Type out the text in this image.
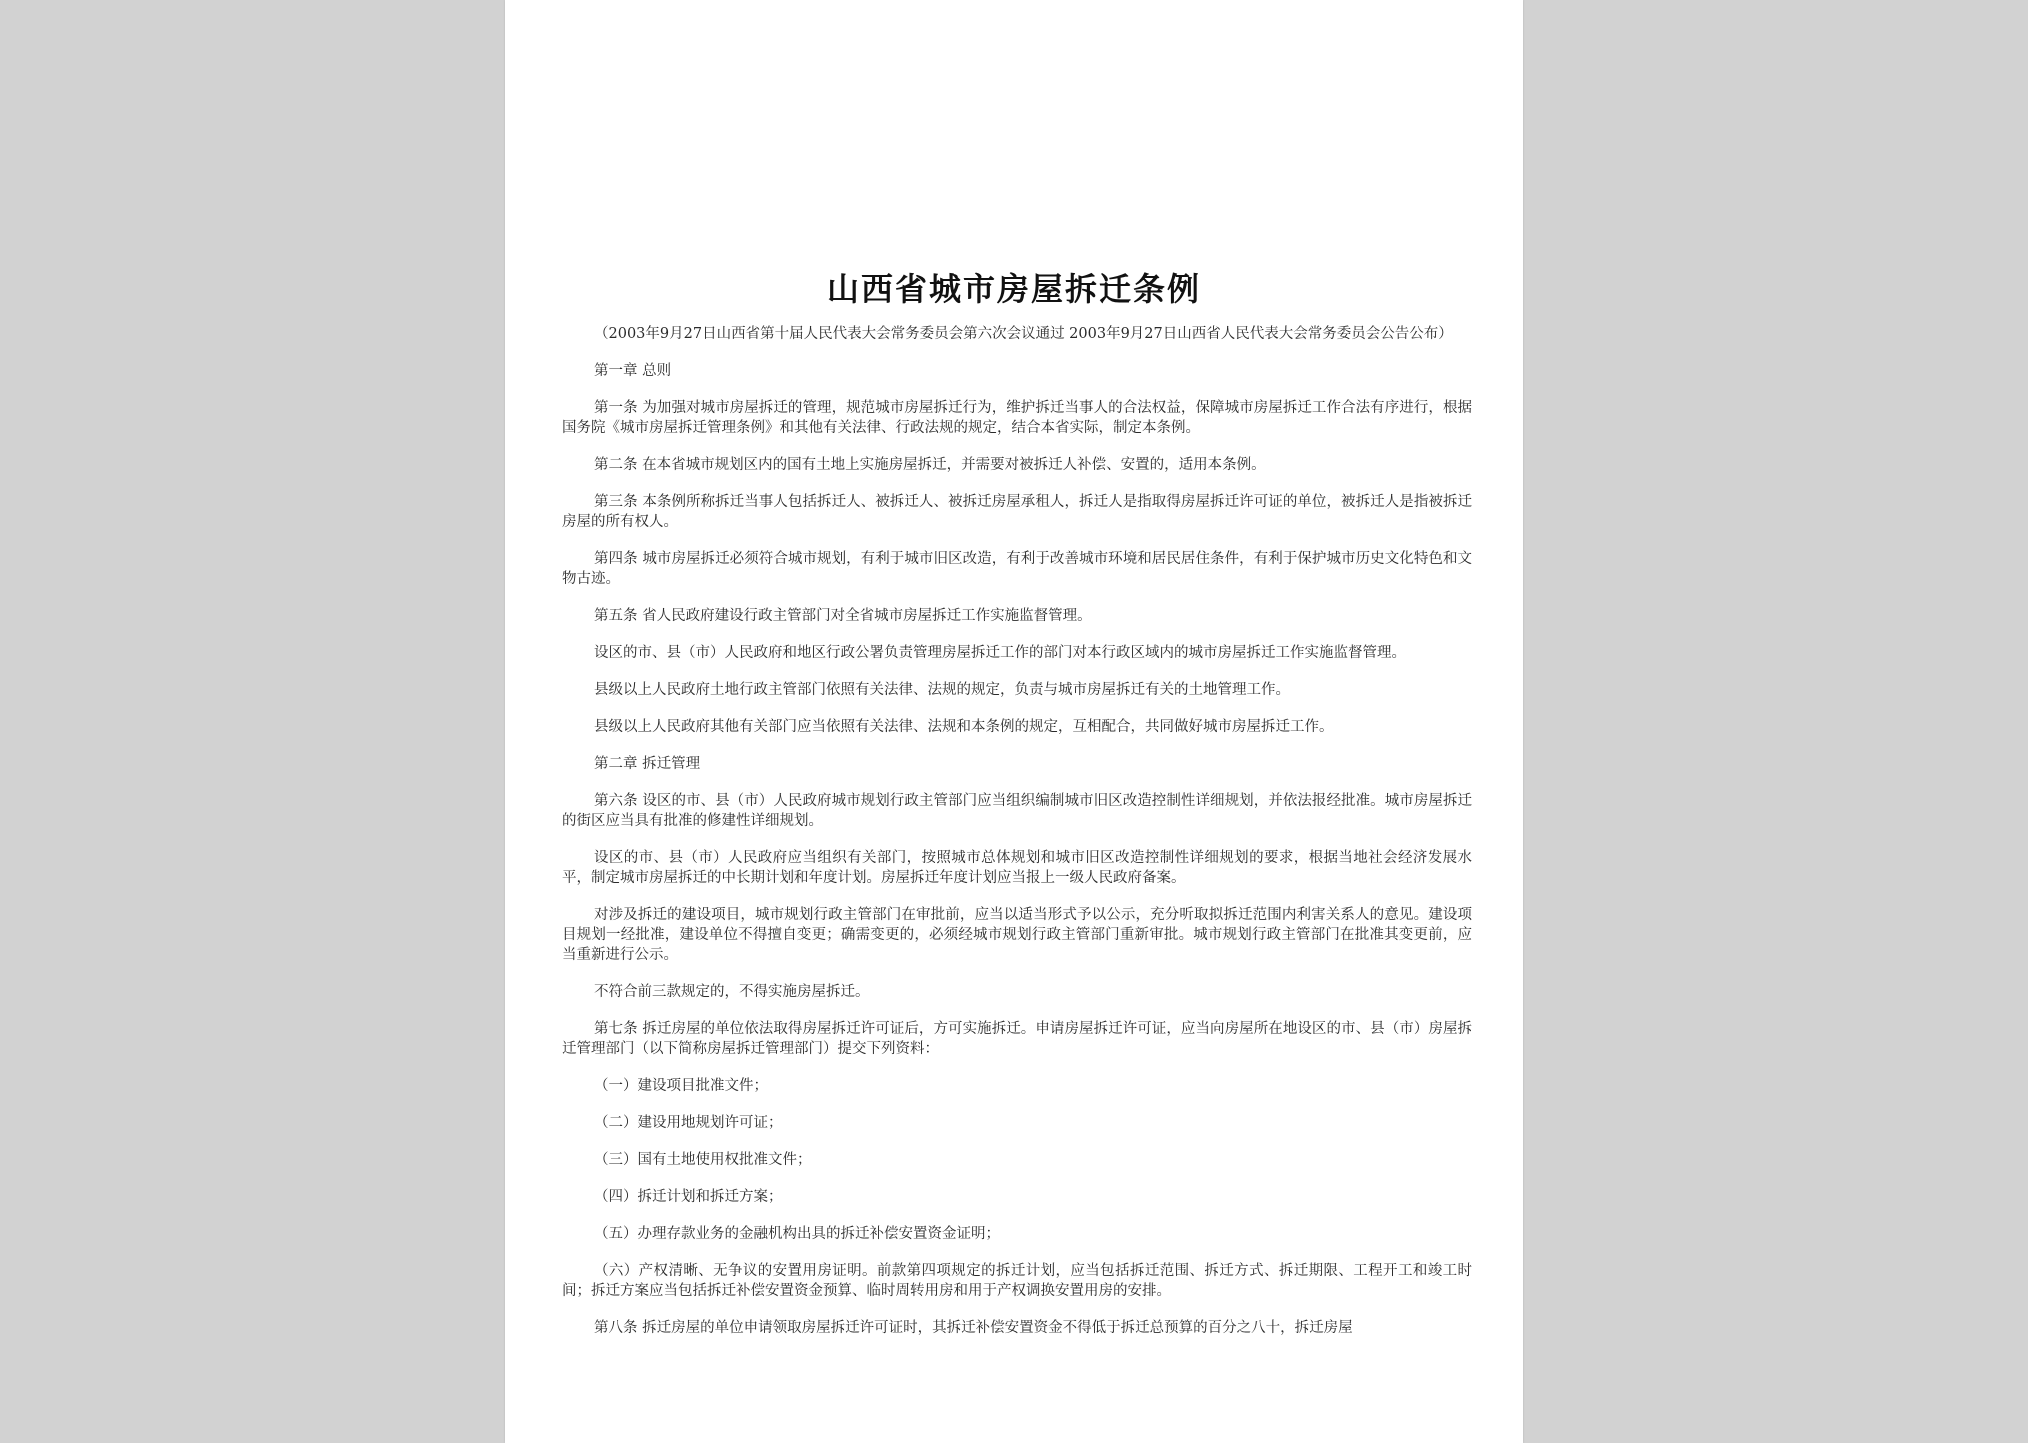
山西省城市房屋拆迁条例

（2003年9月27日山西省第十届人民代表大会常务委员会第六次会议通过 2003年9月27日山西省人民代表大会常务委员会公告公布）

第一章 总则

第一条 为加强对城市房屋拆迁的管理，规范城市房屋拆迁行为，维护拆迁当事人的合法权益，保障城市房屋拆迁工作合法有序进行，根据国务院《城市房屋拆迁管理条例》和其他有关法律、行政法规的规定，结合本省实际，制定本条例。

第二条 在本省城市规划区内的国有土地上实施房屋拆迁，并需要对被拆迁人补偿、安置的，适用本条例。

第三条 本条例所称拆迁当事人包括拆迁人、被拆迁人、被拆迁房屋承租人，拆迁人是指取得房屋拆迁许可证的单位，被拆迁人是指被拆迁房屋的所有权人。

第四条 城市房屋拆迁必须符合城市规划，有利于城市旧区改造，有利于改善城市环境和居民居住条件，有利于保护城市历史文化特色和文物古迹。

第五条 省人民政府建设行政主管部门对全省城市房屋拆迁工作实施监督管理。

设区的市、县（市）人民政府和地区行政公署负责管理房屋拆迁工作的部门对本行政区域内的城市房屋拆迁工作实施监督管理。

县级以上人民政府土地行政主管部门依照有关法律、法规的规定，负责与城市房屋拆迁有关的土地管理工作。

县级以上人民政府其他有关部门应当依照有关法律、法规和本条例的规定，互相配合，共同做好城市房屋拆迁工作。

第二章 拆迁管理

第六条 设区的市、县（市）人民政府城市规划行政主管部门应当组织编制城市旧区改造控制性详细规划，并依法报经批准。城市房屋拆迁的街区应当具有批准的修建性详细规划。

设区的市、县（市）人民政府应当组织有关部门，按照城市总体规划和城市旧区改造控制性详细规划的要求，根据当地社会经济发展水平，制定城市房屋拆迁的中长期计划和年度计划。房屋拆迁年度计划应当报上一级人民政府备案。

对涉及拆迁的建设项目，城市规划行政主管部门在审批前，应当以适当形式予以公示，充分听取拟拆迁范围内利害关系人的意见。建设项目规划一经批准，建设单位不得擅自变更；确需变更的，必须经城市规划行政主管部门重新审批。城市规划行政主管部门在批准其变更前，应当重新进行公示。

不符合前三款规定的，不得实施房屋拆迁。

第七条 拆迁房屋的单位依法取得房屋拆迁许可证后，方可实施拆迁。申请房屋拆迁许可证，应当向房屋所在地设区的市、县（市）房屋拆迁管理部门（以下简称房屋拆迁管理部门）提交下列资料：

（一）建设项目批准文件；

（二）建设用地规划许可证；

（三）国有土地使用权批准文件；

（四）拆迁计划和拆迁方案；

（五）办理存款业务的金融机构出具的拆迁补偿安置资金证明；

（六）产权清晰、无争议的安置用房证明。前款第四项规定的拆迁计划，应当包括拆迁范围、拆迁方式、拆迁期限、工程开工和竣工时间；拆迁方案应当包括拆迁补偿安置资金预算、临时周转用房和用于产权调换安置用房的安排。

第八条 拆迁房屋的单位申请领取房屋拆迁许可证时，其拆迁补偿安置资金不得低于拆迁总预算的百分之八十，拆迁房屋
